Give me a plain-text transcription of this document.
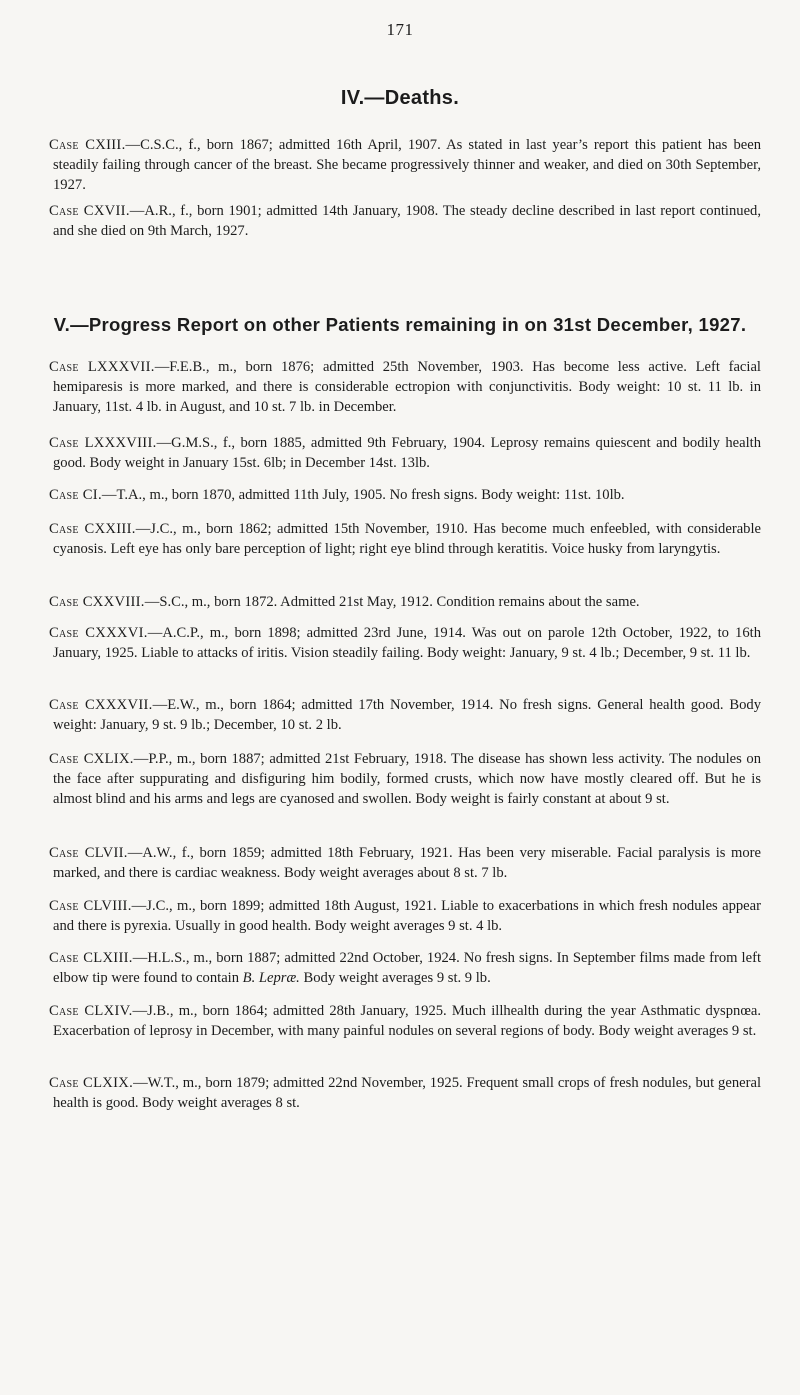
171
IV.—Deaths.

Case CXIII.—C.S.C., f., born 1867; admitted 16th April, 1907. As stated in last year’s report this patient has been steadily failing through cancer of the breast. She became progressively thinner and weaker, and died on 30th September, 1927.

Case CXVII.—A.R., f., born 1901; admitted 14th January, 1908. The steady decline described in last report continued, and she died on 9th March, 1927.

V.—Progress Report on other Patients remaining in on 31st December, 1927.

Case LXXXVII.—F.E.B., m., born 1876; admitted 25th November, 1903. Has become less active. Left facial hemiparesis is more marked, and there is considerable ectropion with conjunctivitis. Body weight: 10 st. 11 lb. in January, 11st. 4 lb. in August, and 10 st. 7 lb. in December.

Case LXXXVIII.—G.M.S., f., born 1885, admitted 9th February, 1904. Leprosy remains quiescent and bodily health good. Body weight in January 15st. 6lb; in December 14st. 13lb.

Case CI.—T.A., m., born 1870, admitted 11th July, 1905. No fresh signs. Body weight: 11st. 10lb.

Case CXXIII.—J.C., m., born 1862; admitted 15th November, 1910. Has become much enfeebled, with considerable cyanosis. Left eye has only bare perception of light; right eye blind through keratitis. Voice husky from laryngytis.

Case CXXVIII.—S.C., m., born 1872. Admitted 21st May, 1912. Condition remains about the same.

Case CXXXVI.—A.C.P., m., born 1898; admitted 23rd June, 1914. Was out on parole 12th October, 1922, to 16th January, 1925. Liable to attacks of iritis. Vision steadily failing. Body weight: January, 9 st. 4 lb.; December, 9 st. 11 lb.

Case CXXXVII.—E.W., m., born 1864; admitted 17th November, 1914. No fresh signs. General health good. Body weight: January, 9 st. 9 lb.; December, 10 st. 2 lb.

Case CXLIX.—P.P., m., born 1887; admitted 21st February, 1918. The disease has shown less activity. The nodules on the face after suppurating and disfiguring him bodily, formed crusts, which now have mostly cleared off. But he is almost blind and his arms and legs are cyanosed and swollen. Body weight is fairly constant at about 9 st.

Case CLVII.—A.W., f., born 1859; admitted 18th February, 1921. Has been very miserable. Facial paralysis is more marked, and there is cardiac weakness. Body weight averages about 8 st. 7 lb.

Case CLVIII.—J.C., m., born 1899; admitted 18th August, 1921. Liable to exacerbations in which fresh nodules appear and there is pyrexia. Usually in good health. Body weight averages 9 st. 4 lb.

Case CLXIII.—H.L.S., m., born 1887; admitted 22nd October, 1924. No fresh signs. In September films made from left elbow tip were found to contain B. Lepræ. Body weight averages 9 st. 9 lb.

Case CLXIV.—J.B., m., born 1864; admitted 28th January, 1925. Much illhealth during the year Asthmatic dyspnœa. Exacerbation of leprosy in December, with many painful nodules on several regions of body. Body weight averages 9 st.

Case CLXIX.—W.T., m., born 1879; admitted 22nd November, 1925. Frequent small crops of fresh nodules, but general health is good. Body weight averages 8 st.
